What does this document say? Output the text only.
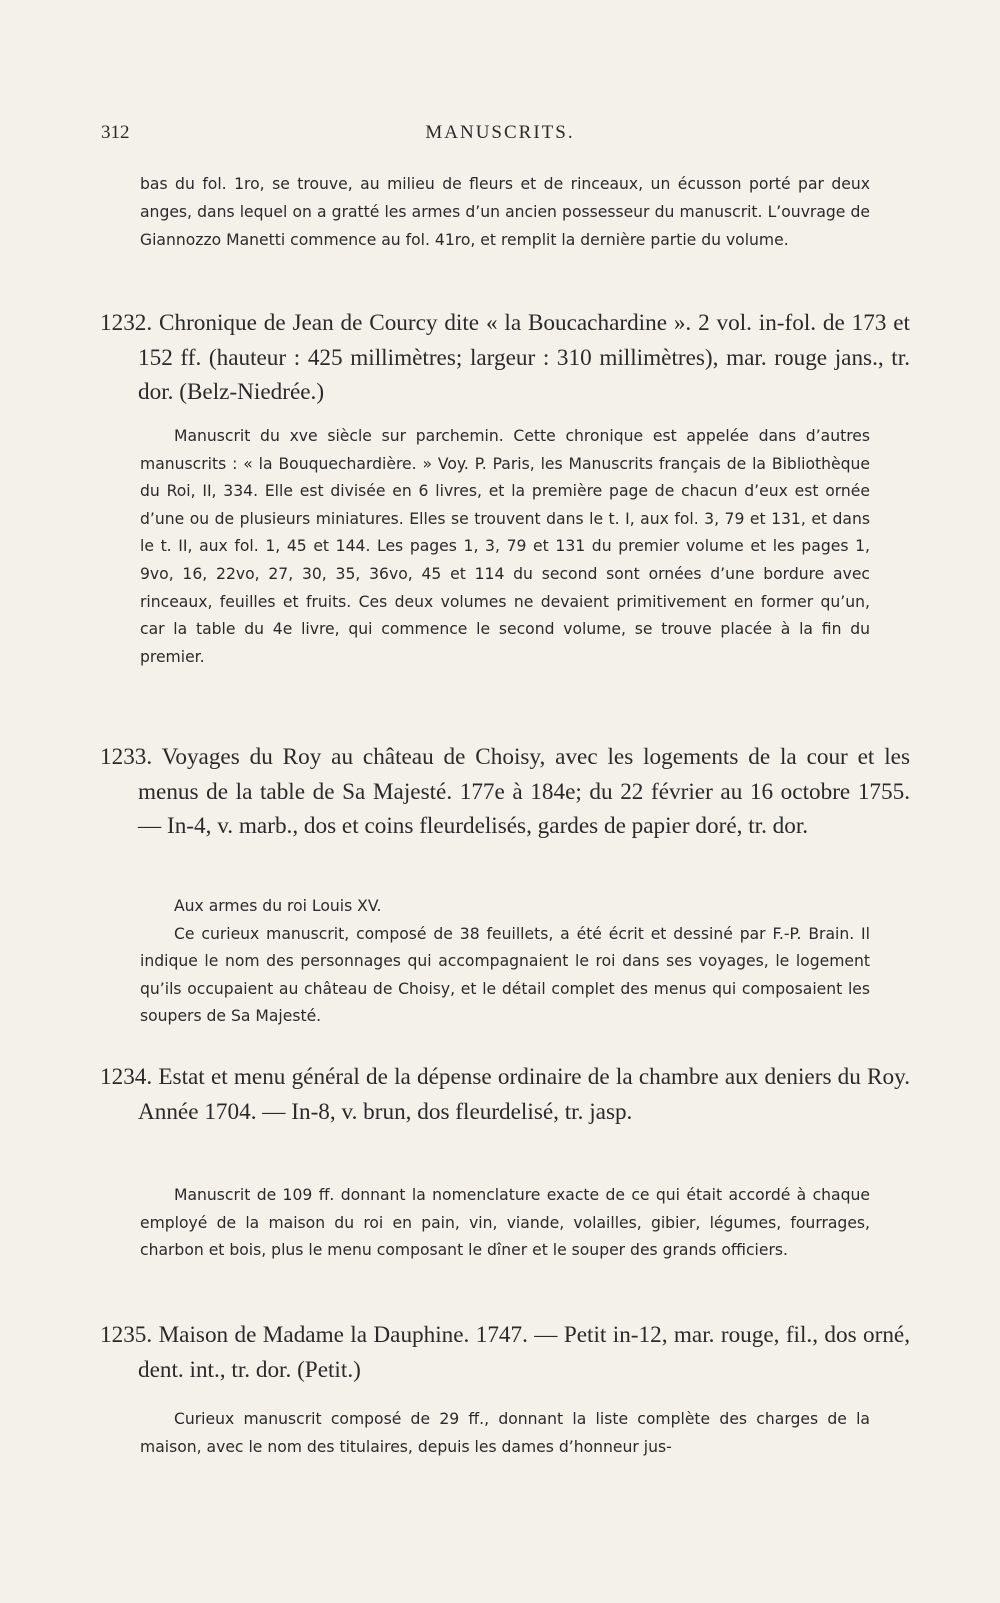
312	MANUSCRITS.

bas du fol. 1ro, se trouve, au milieu de fleurs et de rinceaux, un écusson porté par deux anges, dans lequel on a gratté les armes d’un ancien possesseur du manuscrit. L’ouvrage de Giannozzo Manetti commence au fol. 41ro, et remplit la dernière partie du volume.

1232. Chronique de Jean de Courcy dite « la Boucachardine ». 2 vol. in-fol. de 173 et 152 ff. (hauteur : 425 millimètres; largeur : 310 millimètres), mar. rouge jans., tr. dor. (Belz-Niedrée.)

Manuscrit du xve siècle sur parchemin. Cette chronique est appelée dans d’autres manuscrits : « la Bouquechardière. » Voy. P. Paris, les Manuscrits français de la Bibliothèque du Roi, II, 334. Elle est divisée en 6 livres, et la première page de chacun d’eux est ornée d’une ou de plusieurs miniatures. Elles se trouvent dans le t. I, aux fol. 3, 79 et 131, et dans le t. II, aux fol. 1, 45 et 144. Les pages 1, 3, 79 et 131 du premier volume et les pages 1, 9vo, 16, 22vo, 27, 30, 35, 36vo, 45 et 114 du second sont ornées d’une bordure avec rinceaux, feuilles et fruits. Ces deux volumes ne devaient primitivement en former qu’un, car la table du 4e livre, qui commence le second volume, se trouve placée à la fin du premier.

1233. Voyages du Roy au château de Choisy, avec les logements de la cour et les menus de la table de Sa Majesté. 177e à 184e; du 22 février au 16 octobre 1755. — In-4, v. marb., dos et coins fleurdelisés, gardes de papier doré, tr. dor.

Aux armes du roi Louis XV.

Ce curieux manuscrit, composé de 38 feuillets, a été écrit et dessiné par F.-P. Brain. Il indique le nom des personnages qui accompagnaient le roi dans ses voyages, le logement qu’ils occupaient au château de Choisy, et le détail complet des menus qui composaient les soupers de Sa Majesté.

1234. Estat et menu général de la dépense ordinaire de la chambre aux deniers du Roy. Année 1704. — In-8, v. brun, dos fleurdelisé, tr. jasp.

Manuscrit de 109 ff. donnant la nomenclature exacte de ce qui était accordé à chaque employé de la maison du roi en pain, vin, viande, volailles, gibier, légumes, fourrages, charbon et bois, plus le menu composant le dîner et le souper des grands officiers.

1235. Maison de Madame la Dauphine. 1747. — Petit in-12, mar. rouge, fil., dos orné, dent. int., tr. dor. (Petit.)

Curieux manuscrit composé de 29 ff., donnant la liste complète des charges de la maison, avec le nom des titulaires, depuis les dames d’honneur jus-
